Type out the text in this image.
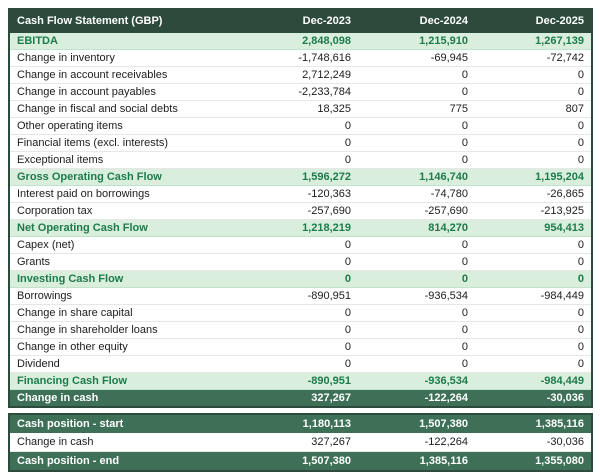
Cash Flow Statement (GBP)	Dec-2023	Dec-2024	Dec-2025
EBITDA	2,848,098	1,215,910	1,267,139
Change in inventory	-1,748,616	-69,945	-72,742
Change in account receivables	2,712,249	0	0
Change in account payables	-2,233,784	0	0
Change in fiscal and social debts	18,325	775	807
Other operating items	0	0	0
Financial items (excl. interests)	0	0	0
Exceptional items	0	0	0
Gross Operating Cash Flow	1,596,272	1,146,740	1,195,204
Interest paid on borrowings	-120,363	-74,780	-26,865
Corporation tax	-257,690	-257,690	-213,925
Net Operating Cash Flow	1,218,219	814,270	954,413
Capex (net)	0	0	0
Grants	0	0	0
Investing Cash Flow	0	0	0
Borrowings	-890,951	-936,534	-984,449
Change in share capital	0	0	0
Change in shareholder loans	0	0	0
Change in other equity	0	0	0
Dividend	0	0	0
Financing Cash Flow	-890,951	-936,534	-984,449
Change in cash	327,267	-122,264	-30,036
Cash position - start	1,180,113	1,507,380	1,385,116
Change in cash	327,267	-122,264	-30,036
Cash position - end	1,507,380	1,385,116	1,355,080
